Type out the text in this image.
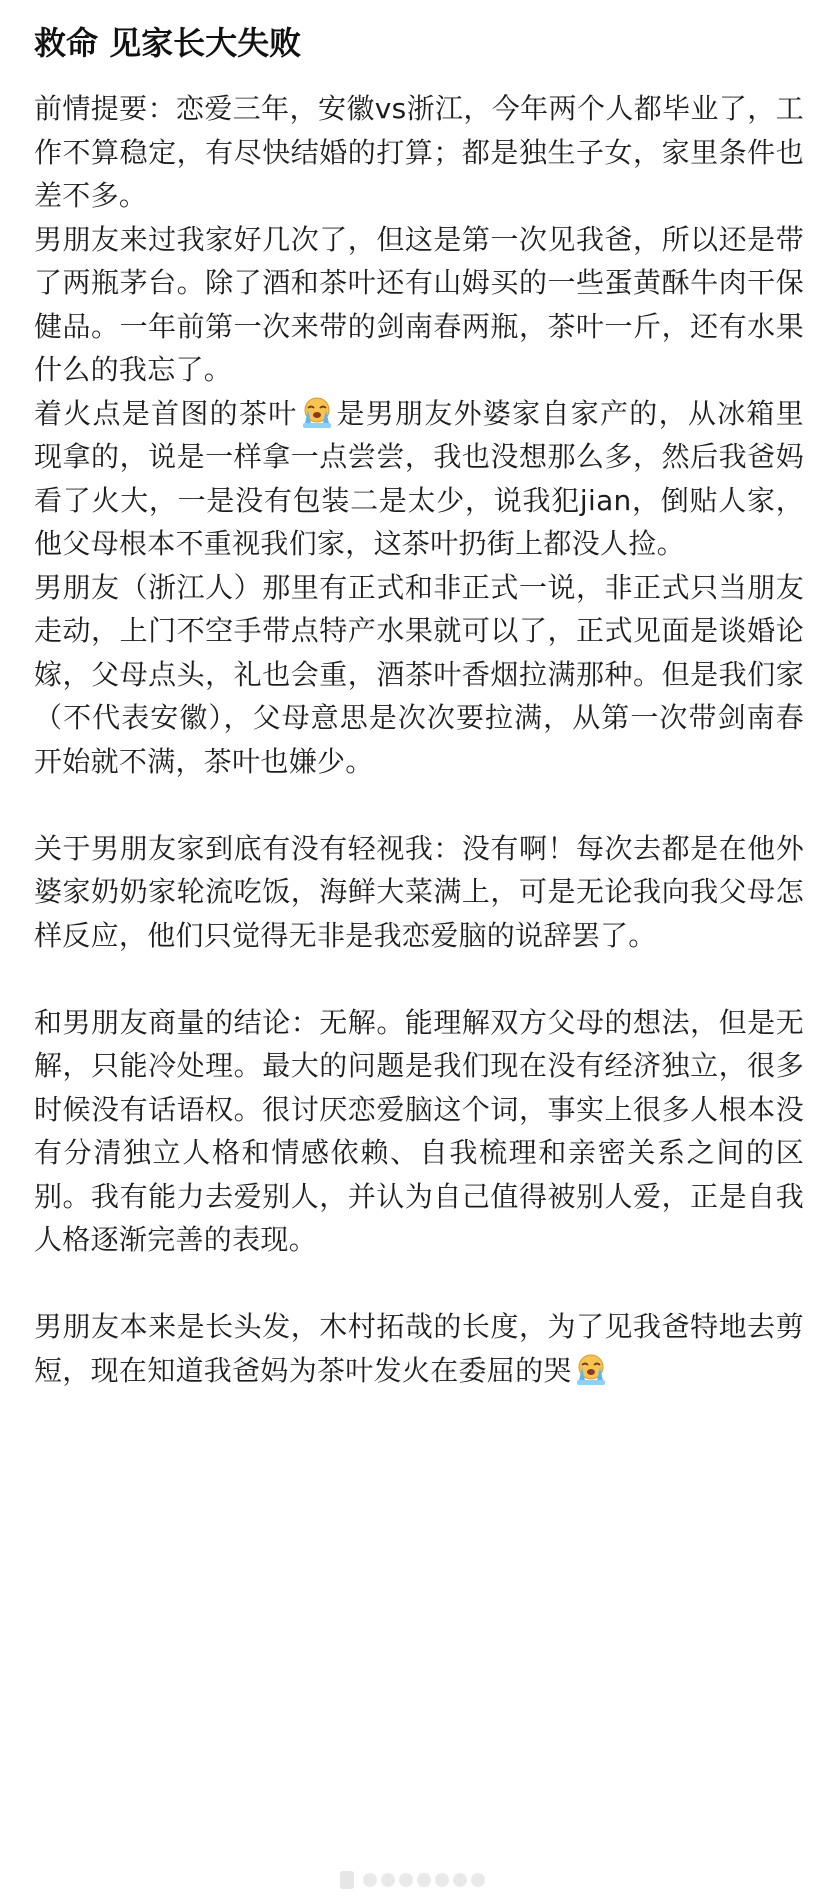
救命 见家长大失败

前情提要：恋爱三年，安徽vs浙江，今年两个人都毕业了，工作不算稳定，有尽快结婚的打算；都是独生子女，家里条件也差不多。

男朋友来过我家好几次了，但这是第一次见我爸，所以还是带了两瓶茅台。除了酒和茶叶还有山姆买的一些蛋黄酥牛肉干保健品。一年前第一次来带的剑南春两瓶，茶叶一斤，还有水果什么的我忘了。

着火点是首图的茶叶 是男朋友外婆家自家产的，从冰箱里现拿的，说是一样拿一点尝尝，我也没想那么多，然后我爸妈看了火大，一是没有包装二是太少，说我犯jian，倒贴人家，他父母根本不重视我们家，这茶叶扔街上都没人捡。

男朋友（浙江人）那里有正式和非正式一说，非正式只当朋友走动，上门不空手带点特产水果就可以了，正式见面是谈婚论嫁，父母点头，礼也会重，酒茶叶香烟拉满那种。但是我们家（不代表安徽），父母意思是次次要拉满，从第一次带剑南春开始就不满，茶叶也嫌少。

关于男朋友家到底有没有轻视我：没有啊！每次去都是在他外婆家奶奶家轮流吃饭，海鲜大菜满上，可是无论我向我父母怎样反应，他们只觉得无非是我恋爱脑的说辞罢了。

和男朋友商量的结论：无解。能理解双方父母的想法，但是无解，只能冷处理。最大的问题是我们现在没有经济独立，很多时候没有话语权。很讨厌恋爱脑这个词，事实上很多人根本没有分清独立人格和情感依赖、自我梳理和亲密关系之间的区别。我有能力去爱别人，并认为自己值得被别人爱，正是自我人格逐渐完善的表现。

男朋友本来是长头发，木村拓哉的长度，为了见我爸特地去剪短，现在知道我爸妈为茶叶发火在委屈的哭
